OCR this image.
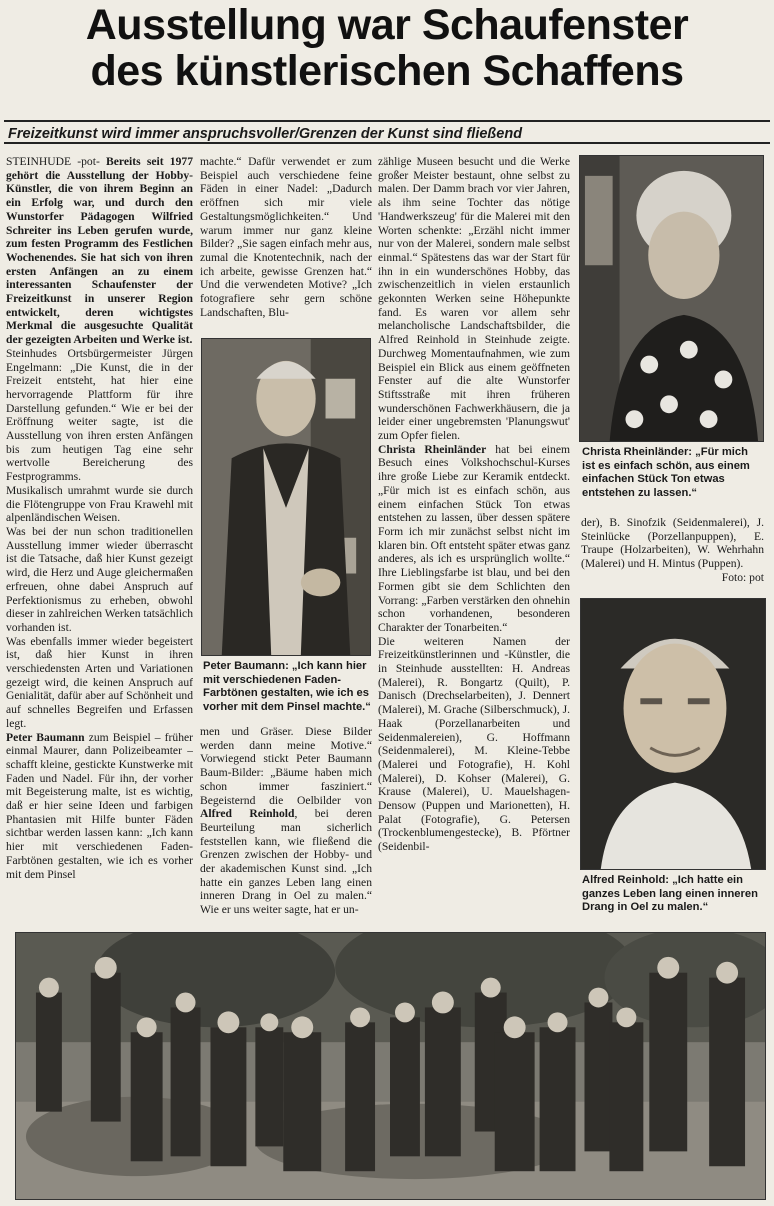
Ausstellung war Schaufenster
des künstlerischen Schaffens
Freizeitkunst wird immer anspruchsvoller/Grenzen der Kunst sind fließend

STEINHUDE -pot- Bereits seit 1977 gehört die Ausstellung der Hobby-Künstler, die von ihrem Beginn an ein Erfolg war, und durch den Wunstorfer Pädagogen Wilfried Schreiter ins Leben gerufen wurde, zum festen Programm des Festlichen Wochenendes. Sie hat sich von ihren ersten Anfängen an zu einem interessanten Schaufenster der Freizeitkunst in unserer Region entwickelt, deren wichtigstes Merkmal die ausgesuchte Qualität der gezeigten Arbeiten und Werke ist.

Steinhudes Ortsbürgermeister Jürgen Engelmann: „Die Kunst, die in der Freizeit entsteht, hat hier eine hervorragende Plattform für ihre Darstellung gefunden.“ Wie er bei der Eröffnung weiter sagte, ist die Ausstellung von ihren ersten Anfängen bis zum heutigen Tag eine sehr wertvolle Bereicherung des Festprogramms.

Musikalisch umrahmt wurde sie durch die Flötengruppe von Frau Krawehl mit alpenländischen Weisen.

Was bei der nun schon traditionellen Ausstellung immer wieder überrascht ist die Tatsache, daß hier Kunst gezeigt wird, die Herz und Auge gleichermaßen erfreuen, ohne dabei Anspruch auf Perfektionismus zu erheben, obwohl dieser in zahlreichen Werken tatsächlich vorhanden ist.

Was ebenfalls immer wieder begeistert ist, daß hier Kunst in ihren verschiedensten Arten und Variationen gezeigt wird, die keinen Anspruch auf Genialität, dafür aber auf Schönheit und auf schnelles Begreifen und Erfassen legt.

Peter Baumann zum Beispiel – früher einmal Maurer, dann Polizeibeamter – schafft kleine, gestickte Kunstwerke mit Faden und Nadel. Für ihn, der vorher mit Begeisterung malte, ist es wichtig, daß er hier seine Ideen und farbigen Phantasien mit Hilfe bunter Fäden sichtbar werden lassen kann: „Ich kann hier mit verschiedenen Faden-Farbtönen gestalten, wie ich es vorher mit dem Pinsel

machte.“ Dafür verwendet er zum Beispiel auch verschiedene feine Fäden in einer Nadel: „Dadurch eröffnen sich mir viele Gestaltungsmöglichkeiten.“ Und warum immer nur ganz kleine Bilder? „Sie sagen einfach mehr aus, zumal die Knotentechnik, nach der ich arbeite, gewisse Grenzen hat.“ Und die verwendeten Motive? „Ich fotografiere sehr gern schöne Landschaften, Blu-

Peter Baumann: „Ich kann hier mit verschiedenen Faden-Farbtönen gestalten, wie ich es vorher mit dem Pinsel machte.“

men und Gräser. Diese Bilder werden dann meine Motive.“ Vorwiegend stickt Peter Baumann Baum-Bilder: „Bäume haben mich schon immer fasziniert.“ Begeisternd die Oelbilder von Alfred Reinhold, bei deren Beurteilung man sicherlich feststellen kann, wie fließend die Grenzen zwischen der Hobby- und der akademischen Kunst sind. „Ich hatte ein ganzes Leben lang einen inneren Drang in Oel zu malen.“ Wie er uns weiter sagte, hat er un-

zählige Museen besucht und die Werke großer Meister bestaunt, ohne selbst zu malen. Der Damm brach vor vier Jahren, als ihm seine Tochter das nötige 'Handwerkszeug' für die Malerei mit den Worten schenkte: „Erzähl nicht immer nur von der Malerei, sondern male selbst einmal.“ Spätestens das war der Start für ihn in ein wunderschönes Hobby, das zwischenzeitlich in vielen erstaunlich gekonnten Werken seine Höhepunkte fand. Es waren vor allem sehr melancholische Landschaftsbilder, die Alfred Reinhold in Steinhude zeigte. Durchweg Momentaufnahmen, wie zum Beispiel ein Blick aus einem geöffneten Fenster auf die alte Wunstorfer Stiftsstraße mit ihren früheren wunderschönen Fachwerkhäusern, die ja leider einer ungebremsten 'Planungswut' zum Opfer fielen.

Christa Rheinländer hat bei einem Besuch eines Volkshochschul-Kurses ihre große Liebe zur Keramik entdeckt. „Für mich ist es einfach schön, aus einem einfachen Stück Ton etwas entstehen zu lassen, über dessen spätere Form ich mir zunächst selbst nicht im klaren bin. Oft entsteht später etwas ganz anderes, als ich es ursprünglich wollte.“ Ihre Lieblingsfarbe ist blau, und bei den Formen gibt sie dem Schlichten den Vorrang: „Farben verstärken den ohnehin schon vorhandenen, besonderen Charakter der Tonarbeiten.“

Die weiteren Namen der Freizeitkünstlerinnen und -Künstler, die in Steinhude ausstellten: H. Andreas (Malerei), R. Bongartz (Quilt), P. Danisch (Drechselarbeiten), J. Dennert (Malerei), M. Grache (Silberschmuck), J. Haak (Porzellanarbeiten und Seidenmalereien), G. Hoffmann (Seidenmalerei), M. Kleine-Tebbe (Malerei und Fotografie), H. Kohl (Malerei), D. Kohser (Malerei), G. Krause (Malerei), U. Mauelshagen-Densow (Puppen und Marionetten), H. Palat (Fotografie), G. Petersen (Trockenblumengestecke), B. Pförtner (Seidenbil-

Christa Rheinländer: „Für mich ist es einfach schön, aus einem einfachen Stück Ton etwas entstehen zu lassen.“

der), B. Sinofzik (Seidenmalerei), J. Steinlücke (Porzellanpuppen), E. Traupe (Holzarbeiten), W. Wehrhahn (Malerei) und H. Mintus (Puppen).

Foto: pot

Alfred Reinhold: „Ich hatte ein ganzes Leben lang einen inneren Drang in Oel zu malen.“
